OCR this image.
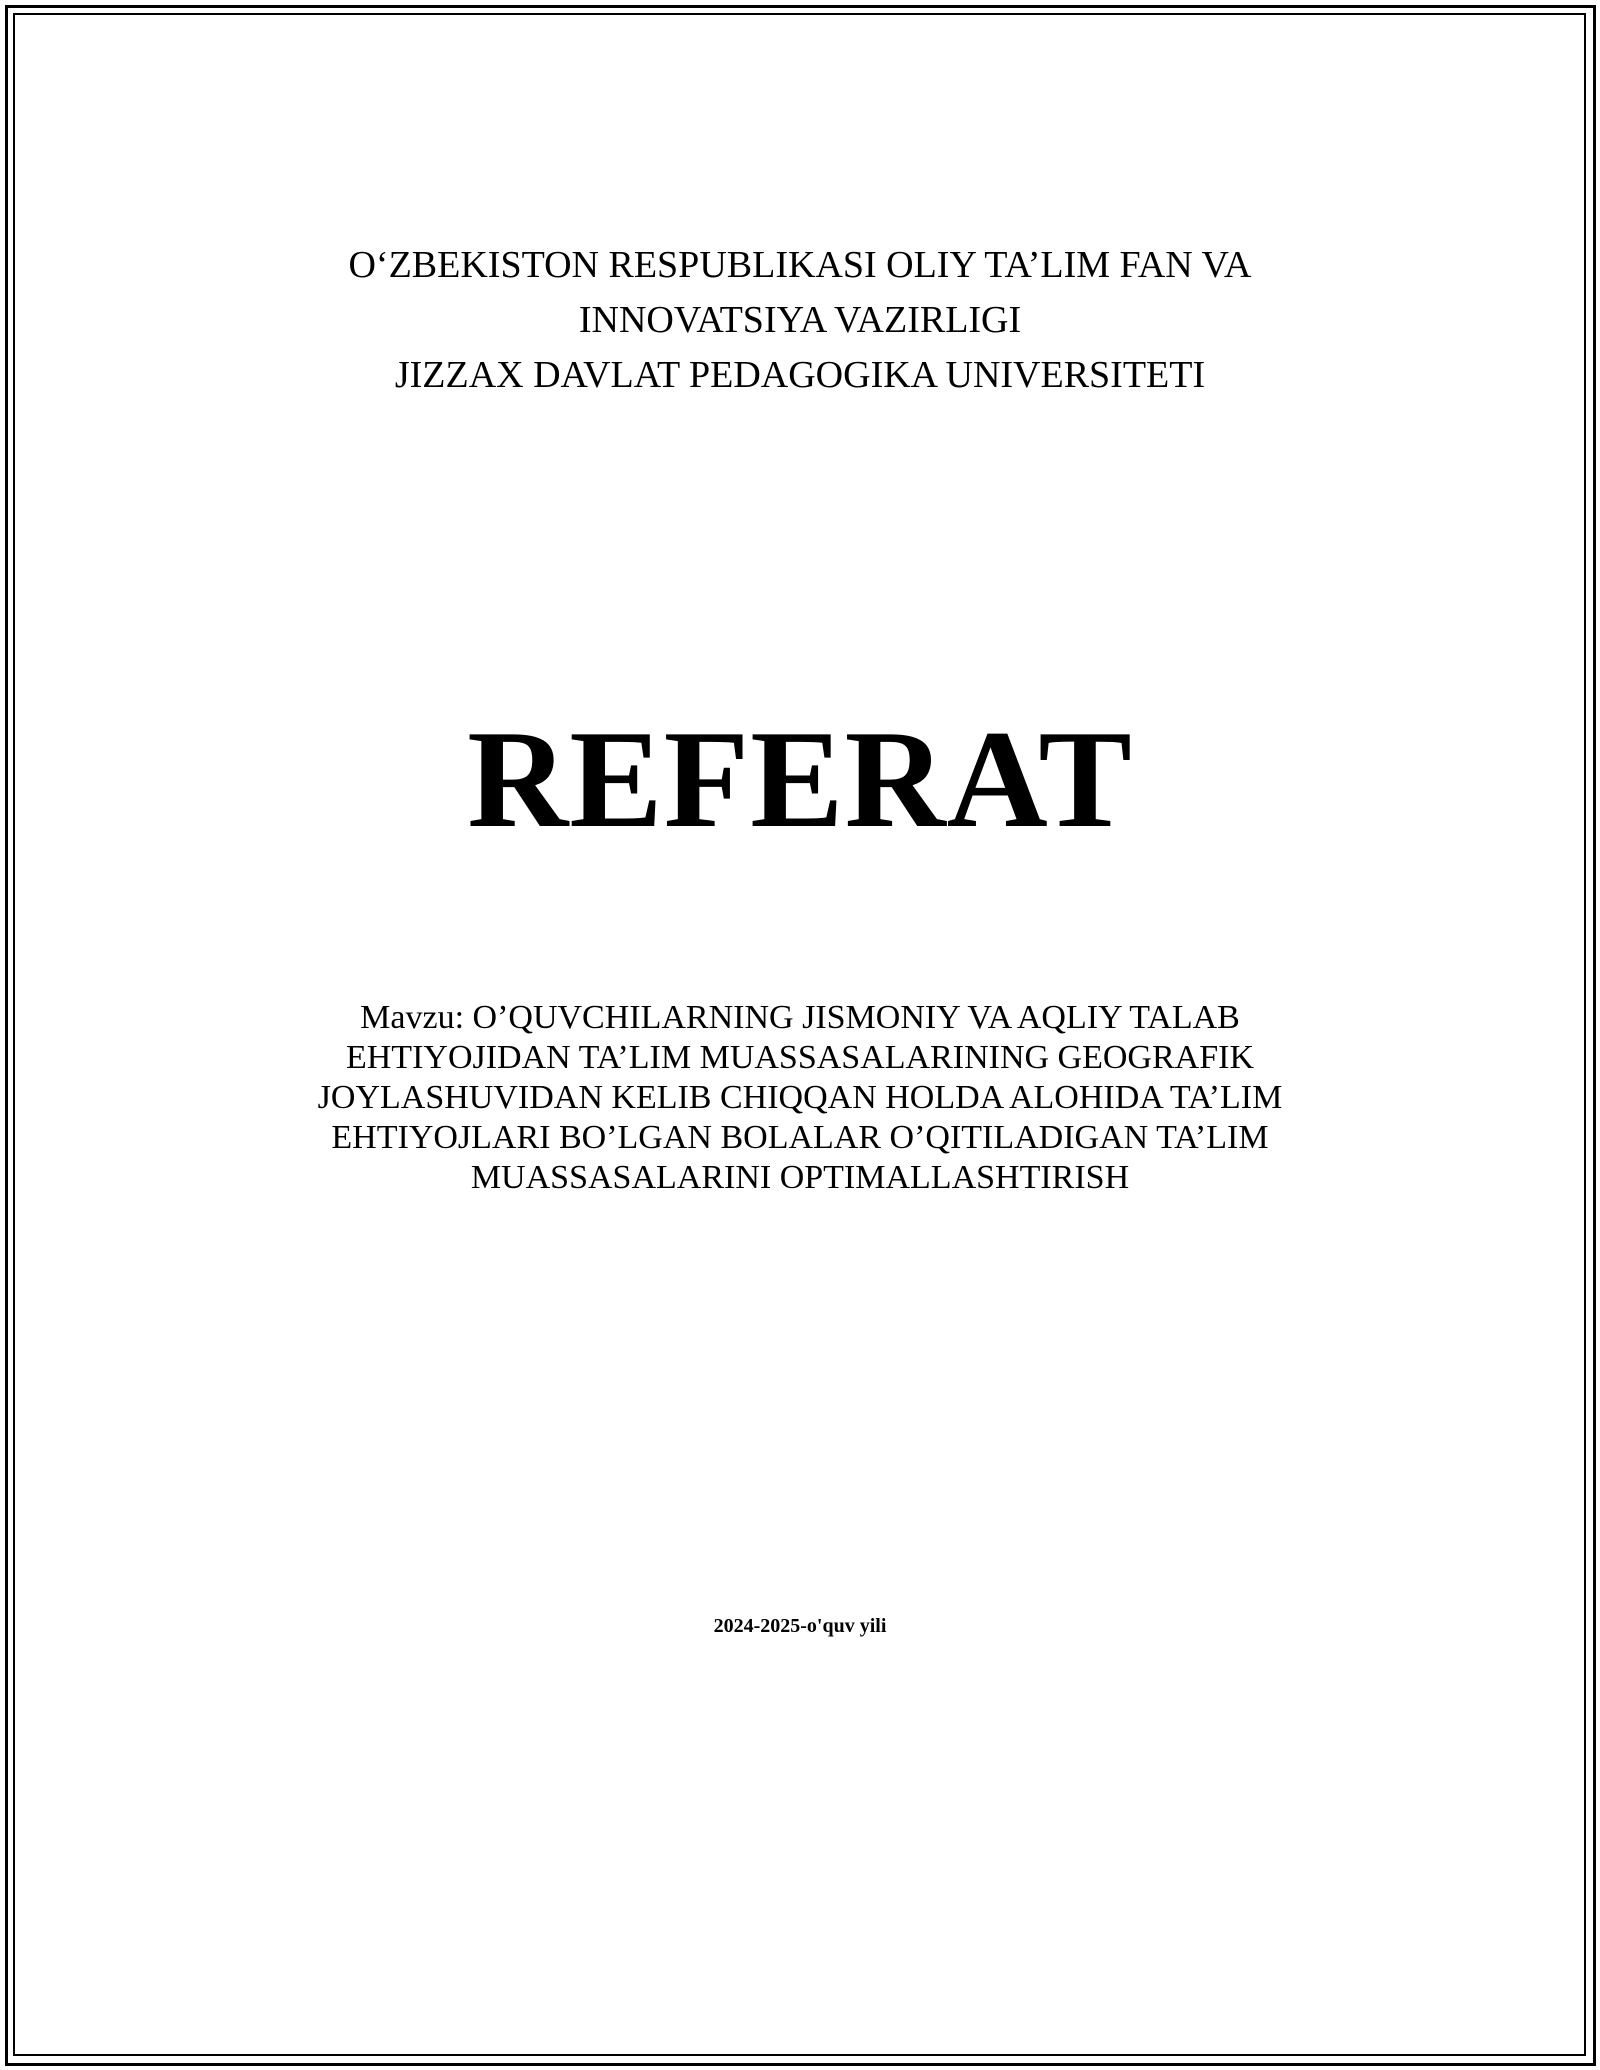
O‘ZBEKISTON RESPUBLIKASI OLIY TA’LIM FAN VA
INNOVATSIYA VAZIRLIGI
JIZZAX DAVLAT PEDAGOGIKA UNIVERSITETI
REFERAT
Mavzu: O’QUVCHILARNING JISMONIY VA AQLIY TALAB
EHTIYOJIDAN TA’LIM MUASSASALARINING GEOGRAFIK
JOYLASHUVIDAN KELIB CHIQQAN HOLDA ALOHIDA TA’LIM
EHTIYOJLARI BO’LGAN BOLALAR O’QITILADIGAN TA’LIM
MUASSASALARINI OPTIMALLASHTIRISH
2024-2025-o'quv yili
